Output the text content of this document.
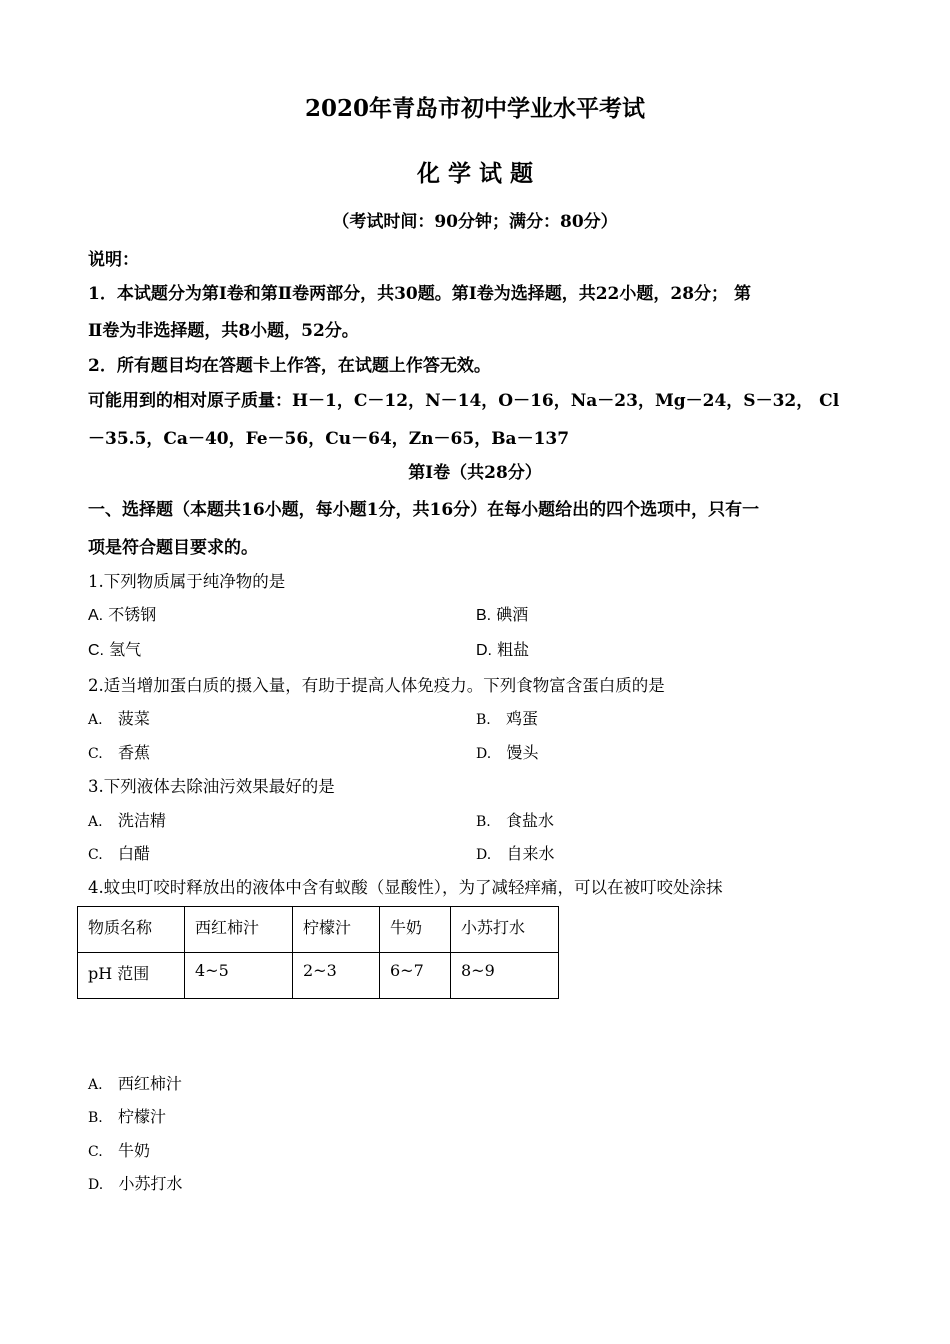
2020年青岛市初中学业水平考试
化 学 试 题
（考试时间：90分钟；满分：80分）
说明：
1．本试题分为第Ⅰ卷和第Ⅱ卷两部分，共30题。第Ⅰ卷为选择题，共22小题，28分； 第
Ⅱ卷为非选择题，共8小题，52分。
2．所有题目均在答题卡上作答，在试题上作答无效。
可能用到的相对原子质量：H－1，C－12，N－14，O－16，Na－23，Mg－24，S－32， Cl
－35.5，Ca－40，Fe－56，Cu－64，Zn－65，Ba－137
第Ⅰ卷（共28分）
一、选择题（本题共16小题，每小题1分，共16分）在每小题给出的四个选项中，只有一
项是符合题目要求的。
1.下列物质属于纯净物的是
A. 不锈钢	B. 碘酒
C. 氢气	D. 粗盐
2.适当增加蛋白质的摄入量，有助于提高人体免疫力。下列食物富含蛋白质的是
A. 菠菜	B. 鸡蛋
C. 香蕉	D. 馒头
3.下列液体去除油污效果最好的是
A. 洗洁精	B. 食盐水
C. 白醋	D. 自来水
4.蚊虫叮咬时释放出的液体中含有蚁酸（显酸性），为了减轻痒痛，可以在被叮咬处涂抹
物质名称	西红柿汁	柠檬汁	牛奶	小苏打水
pH 范围	4~5	2~3	6~7	8~9
A. 西红柿汁
B. 柠檬汁
C. 牛奶
D. 小苏打水
